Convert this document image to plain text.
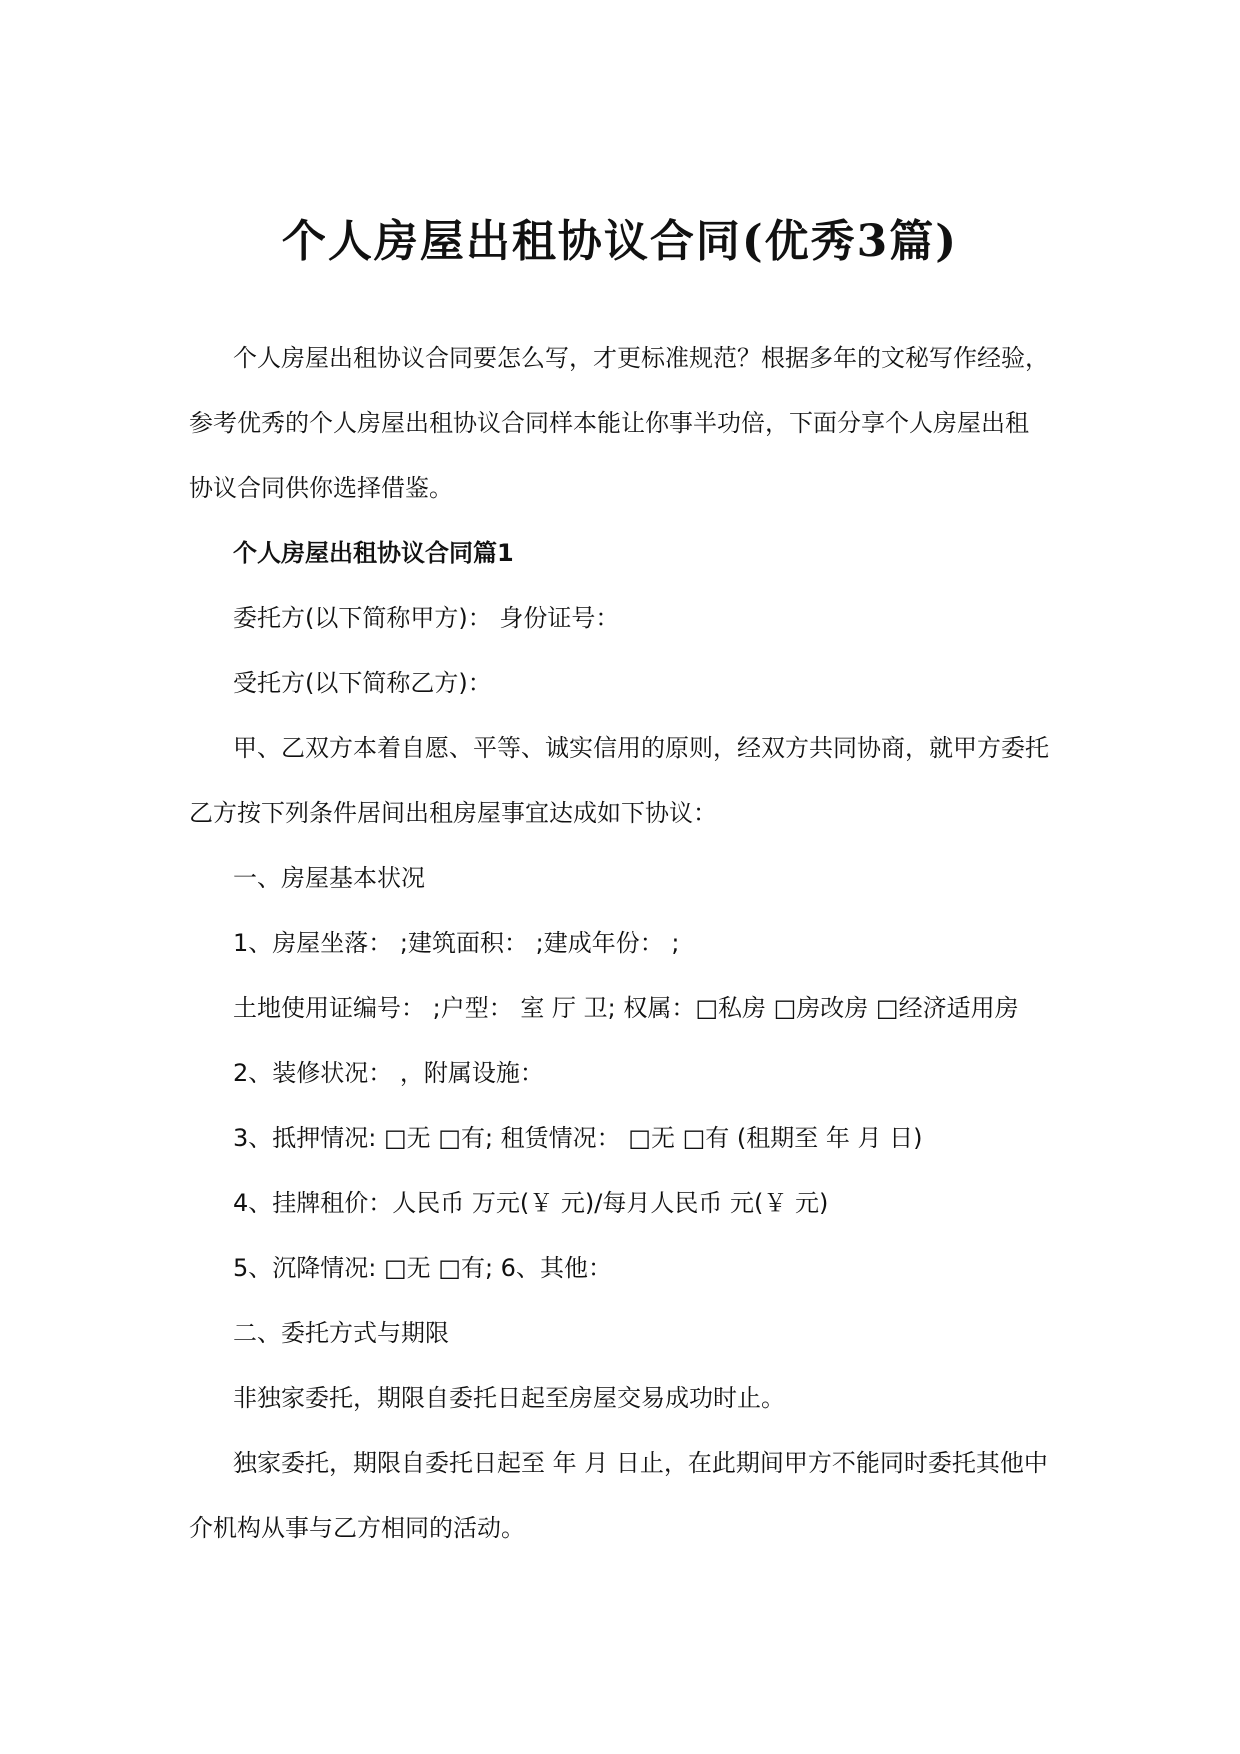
个人房屋出租协议合同(优秀3篇)

个人房屋出租协议合同要怎么写，才更标准规范？根据多年的文秘写作经验，参考优秀的个人房屋出租协议合同样本能让你事半功倍，下面分享个人房屋出租协议合同供你选择借鉴。

个人房屋出租协议合同篇1

委托方(以下简称甲方)： 身份证号：

受托方(以下简称乙方)：

甲、乙双方本着自愿、平等、诚实信用的原则，经双方共同协商，就甲方委托乙方按下列条件居间出租房屋事宜达成如下协议：

一、房屋基本状况

1、房屋坐落： ;建筑面积： ;建成年份： ;

土地使用证编号： ;户型： 室 厅 卫; 权属：□私房 □房改房 □经济适用房

2、装修状况： ，附属设施：

3、抵押情况: □无 □有; 租赁情况： □无 □有 (租期至 年 月 日)

4、挂牌租价：人民币 万元(￥ 元)/每月人民币 元(￥ 元)

5、沉降情况: □无 □有; 6、其他：

二、委托方式与期限

非独家委托，期限自委托日起至房屋交易成功时止。

独家委托，期限自委托日起至 年 月 日止，在此期间甲方不能同时委托其他中介机构从事与乙方相同的活动。
